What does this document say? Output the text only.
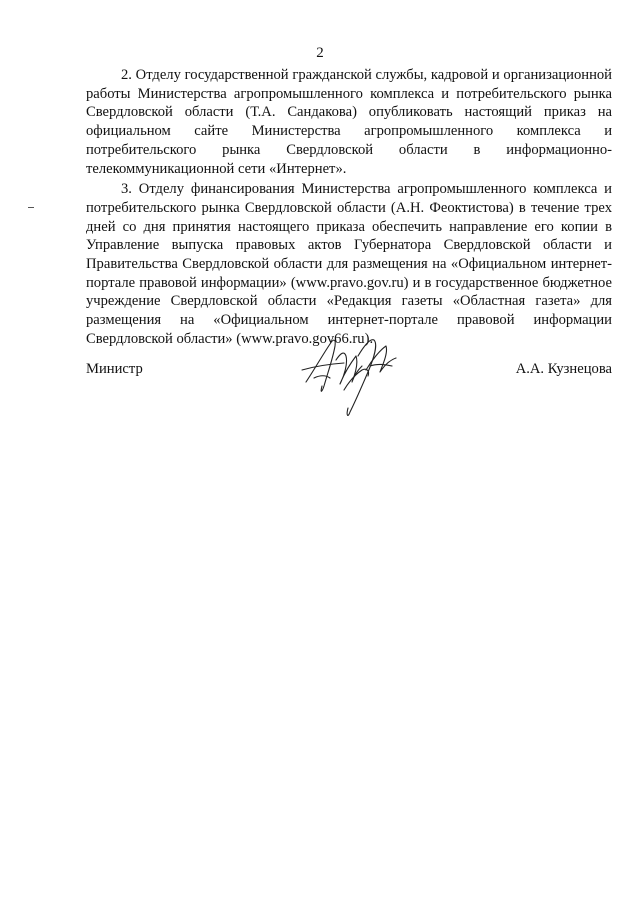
2

2. Отделу государственной гражданской службы, кадровой и организационной работы Министерства агропромышленного комплекса и потребительского рынка Свердловской области (Т.А. Сандакова) опубликовать настоящий приказ на официальном сайте Министерства агропромышленного комплекса и потребительского рынка Свердловской области в информационно-телекоммуникационной сети «Интернет».

3. Отделу финансирования Министерства агропромышленного комплекса и потребительского рынка Свердловской области (А.Н. Феоктистова) в течение трех дней со дня принятия настоящего приказа обеспечить направление его копии в Управление выпуска правовых актов Губернатора Свердловской области и Правительства Свердловской области для размещения на «Официальном интернет-портале правовой информации» (www.pravo.gov.ru) и в государственное бюджетное учреждение Свердловской области «Редакция газеты «Областная газета» для размещения на «Официальном интернет-портале правовой информации Свердловской области» (www.pravo.gov66.ru).

Министр	А.А. Кузнецова
